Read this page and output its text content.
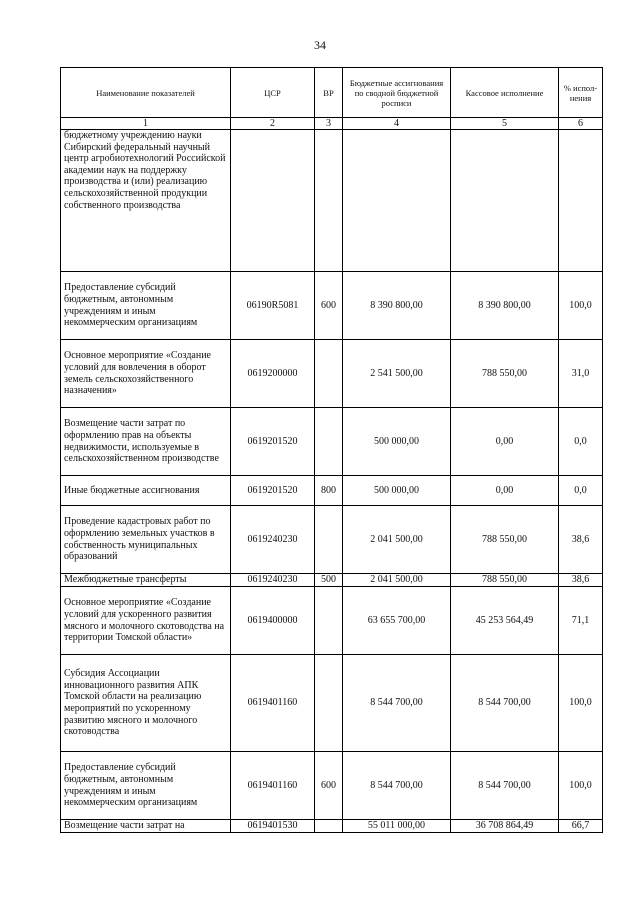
34
Наименование показателей	ЦСР	ВР	Бюджетные ассигнования по сводной бюджетной росписи	Кассовое исполнение	% испол-нения
1	2	3	4	5	6
бюджетному учреждению науки Сибирский федеральный научный центр агробиотехнологий Российской академии наук на поддержку производства и (или) реализацию сельскохозяйственной продукции собственного производства					
Предоставление субсидий бюджетным, автономным учреждениям и иным некоммерческим организациям	06190R5081	600	8 390 800,00	8 390 800,00	100,0
Основное мероприятие «Создание условий для вовлечения в оборот земель сельскохозяйственного назначения»	0619200000		2 541 500,00	788 550,00	31,0
Возмещение части затрат по оформлению прав на объекты недвижимости, используемые в сельскохозяйственном производстве	0619201520		500 000,00	0,00	0,0
Иные бюджетные ассигнования	0619201520	800	500 000,00	0,00	0,0
Проведение кадастровых работ по оформлению земельных участков в собственность муниципальных образований	0619240230		2 041 500,00	788 550,00	38,6
Межбюджетные трансферты	0619240230	500	2 041 500,00	788 550,00	38,6
Основное мероприятие «Создание условий для ускоренного развития мясного и молочного скотоводства на территории Томской области»	0619400000		63 655 700,00	45 253 564,49	71,1
Субсидия Ассоциации инновационного развития АПК Томской области на реализацию мероприятий по ускоренному развитию мясного и молочного скотоводства	0619401160		8 544 700,00	8 544 700,00	100,0
Предоставление субсидий бюджетным, автономным учреждениям и иным некоммерческим организациям	0619401160	600	8 544 700,00	8 544 700,00	100,0
Возмещение части затрат на	0619401530		55 011 000,00	36 708 864,49	66,7
